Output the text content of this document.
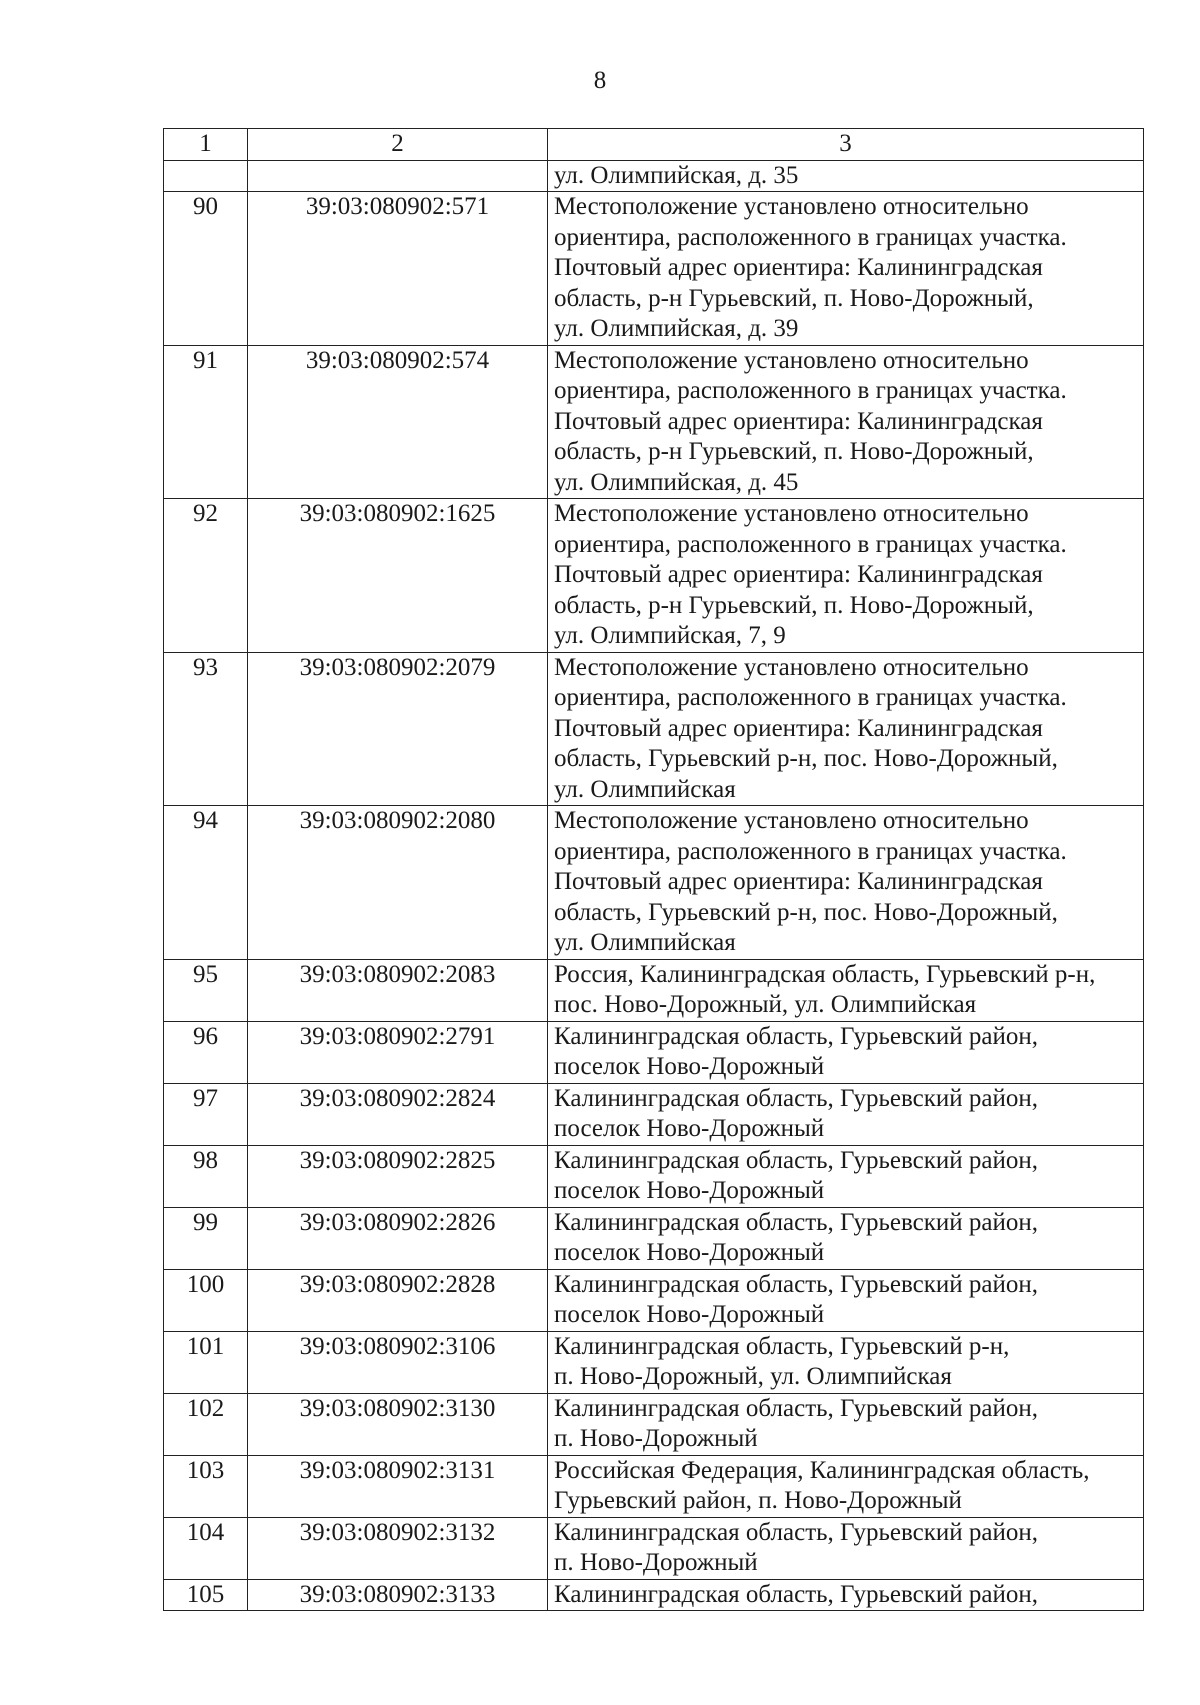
8
1	2	3
		ул. Олимпийская, д. 35
90	39:03:080902:571	Местоположение установлено относительно
ориентира, расположенного в границах участка.
Почтовый адрес ориентира: Калининградская
область, р-н Гурьевский, п. Ново-Дорожный,
ул. Олимпийская, д. 39

91	39:03:080902:574	Местоположение установлено относительно
ориентира, расположенного в границах участка.
Почтовый адрес ориентира: Калининградская
область, р-н Гурьевский, п. Ново-Дорожный,
ул. Олимпийская, д. 45

92	39:03:080902:1625	Местоположение установлено относительно
ориентира, расположенного в границах участка.
Почтовый адрес ориентира: Калининградская
область, р-н Гурьевский, п. Ново-Дорожный,
ул. Олимпийская, 7, 9

93	39:03:080902:2079	Местоположение установлено относительно
ориентира, расположенного в границах участка.
Почтовый адрес ориентира: Калининградская
область, Гурьевский р-н, пос. Ново-Дорожный,
ул. Олимпийская

94	39:03:080902:2080	Местоположение установлено относительно
ориентира, расположенного в границах участка.
Почтовый адрес ориентира: Калининградская
область, Гурьевский р-н, пос. Ново-Дорожный,
ул. Олимпийская

95	39:03:080902:2083	Россия, Калининградская область, Гурьевский р-н,
пос. Ново-Дорожный, ул. Олимпийская

96	39:03:080902:2791	Калининградская область, Гурьевский район,
поселок Ново-Дорожный

97	39:03:080902:2824	Калининградская область, Гурьевский район,
поселок Ново-Дорожный

98	39:03:080902:2825	Калининградская область, Гурьевский район,
поселок Ново-Дорожный

99	39:03:080902:2826	Калининградская область, Гурьевский район,
поселок Ново-Дорожный

100	39:03:080902:2828	Калининградская область, Гурьевский район,
поселок Ново-Дорожный

101	39:03:080902:3106	Калининградская область, Гурьевский р-н,
п. Ново-Дорожный, ул. Олимпийская

102	39:03:080902:3130	Калининградская область, Гурьевский район,
п. Ново-Дорожный

103	39:03:080902:3131	Российская Федерация, Калининградская область,
Гурьевский район, п. Ново-Дорожный

104	39:03:080902:3132	Калининградская область, Гурьевский район,
п. Ново-Дорожный

105	39:03:080902:3133	Калининградская область, Гурьевский район,
